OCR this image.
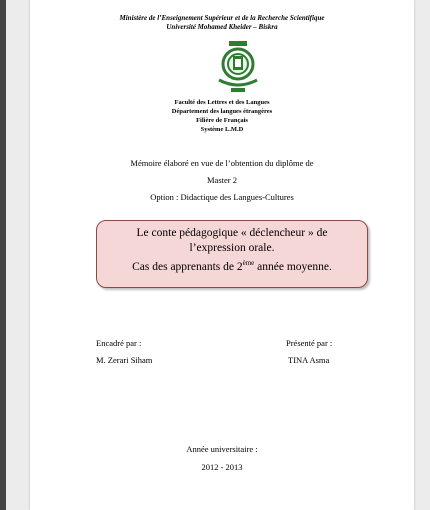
Ministère de l’Enseignement Supérieur et de la Recherche Scientifique
Université Mohamed Kheider – Biskra
Faculté des Lettres et des Langues
Département des langues étrangères
Filière de Français
Système L.M.D
Mémoire élaboré en vue de l’obtention du diplôme de
Master 2
Option : Didactique des Langues-Cultures
Le conte pédagogique « déclencheur » de
l’expression orale.
Cas des apprenants de 2ème année moyenne.
Encadré par :
M. Zerari Siham
Présenté par :
TINA Asma
Année universitaire :
2012 - 2013
